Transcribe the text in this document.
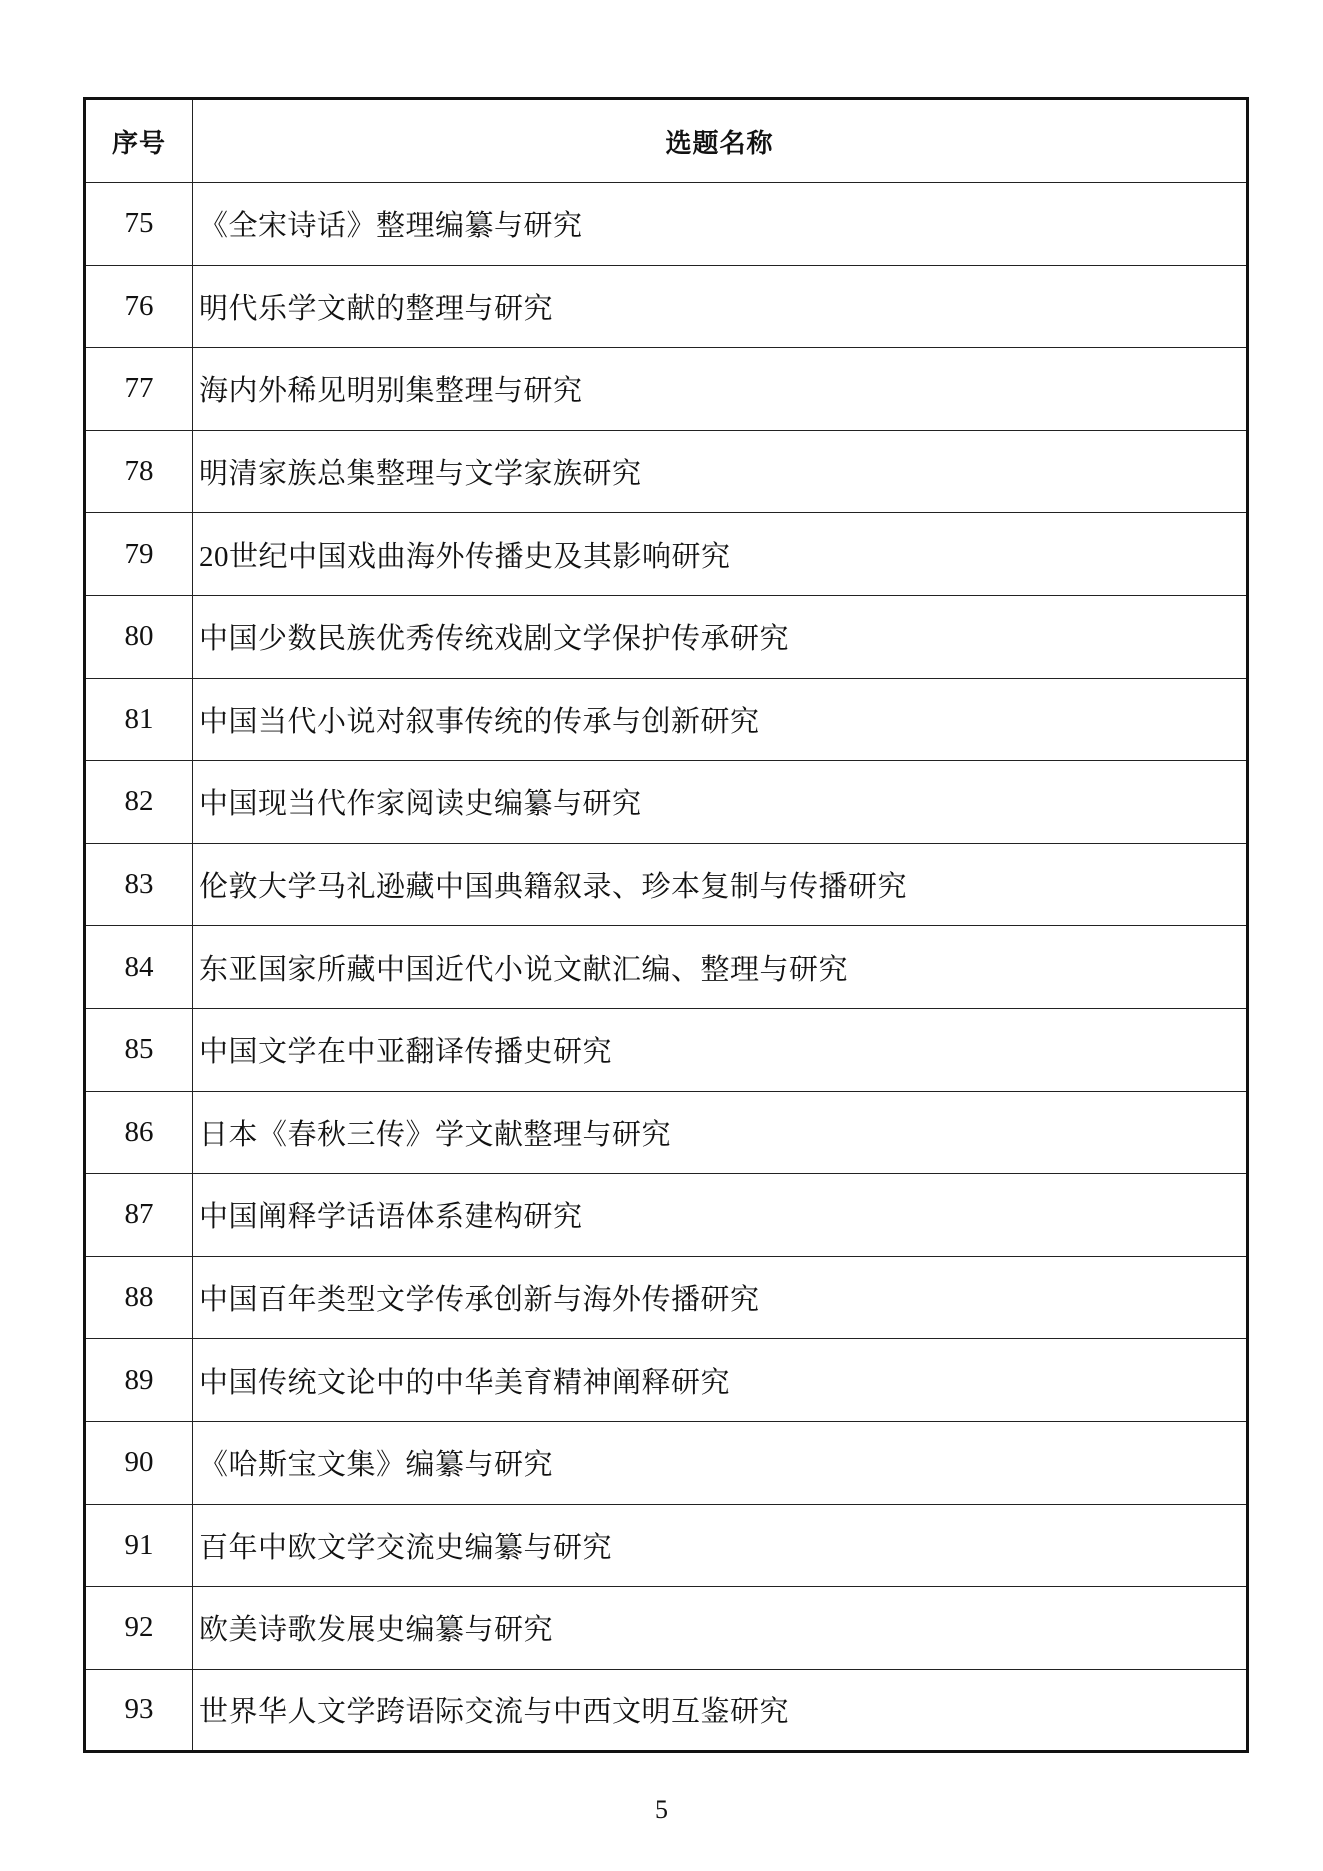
序号	选题名称
75	《全宋诗话》整理编纂与研究
76	明代乐学文献的整理与研究
77	海内外稀见明别集整理与研究
78	明清家族总集整理与文学家族研究
79	20世纪中国戏曲海外传播史及其影响研究
80	中国少数民族优秀传统戏剧文学保护传承研究
81	中国当代小说对叙事传统的传承与创新研究
82	中国现当代作家阅读史编纂与研究
83	伦敦大学马礼逊藏中国典籍叙录、珍本复制与传播研究
84	东亚国家所藏中国近代小说文献汇编、整理与研究
85	中国文学在中亚翻译传播史研究
86	日本《春秋三传》学文献整理与研究
87	中国阐释学话语体系建构研究
88	中国百年类型文学传承创新与海外传播研究
89	中国传统文论中的中华美育精神阐释研究
90	《哈斯宝文集》编纂与研究
91	百年中欧文学交流史编纂与研究
92	欧美诗歌发展史编纂与研究
93	世界华人文学跨语际交流与中西文明互鉴研究
5
